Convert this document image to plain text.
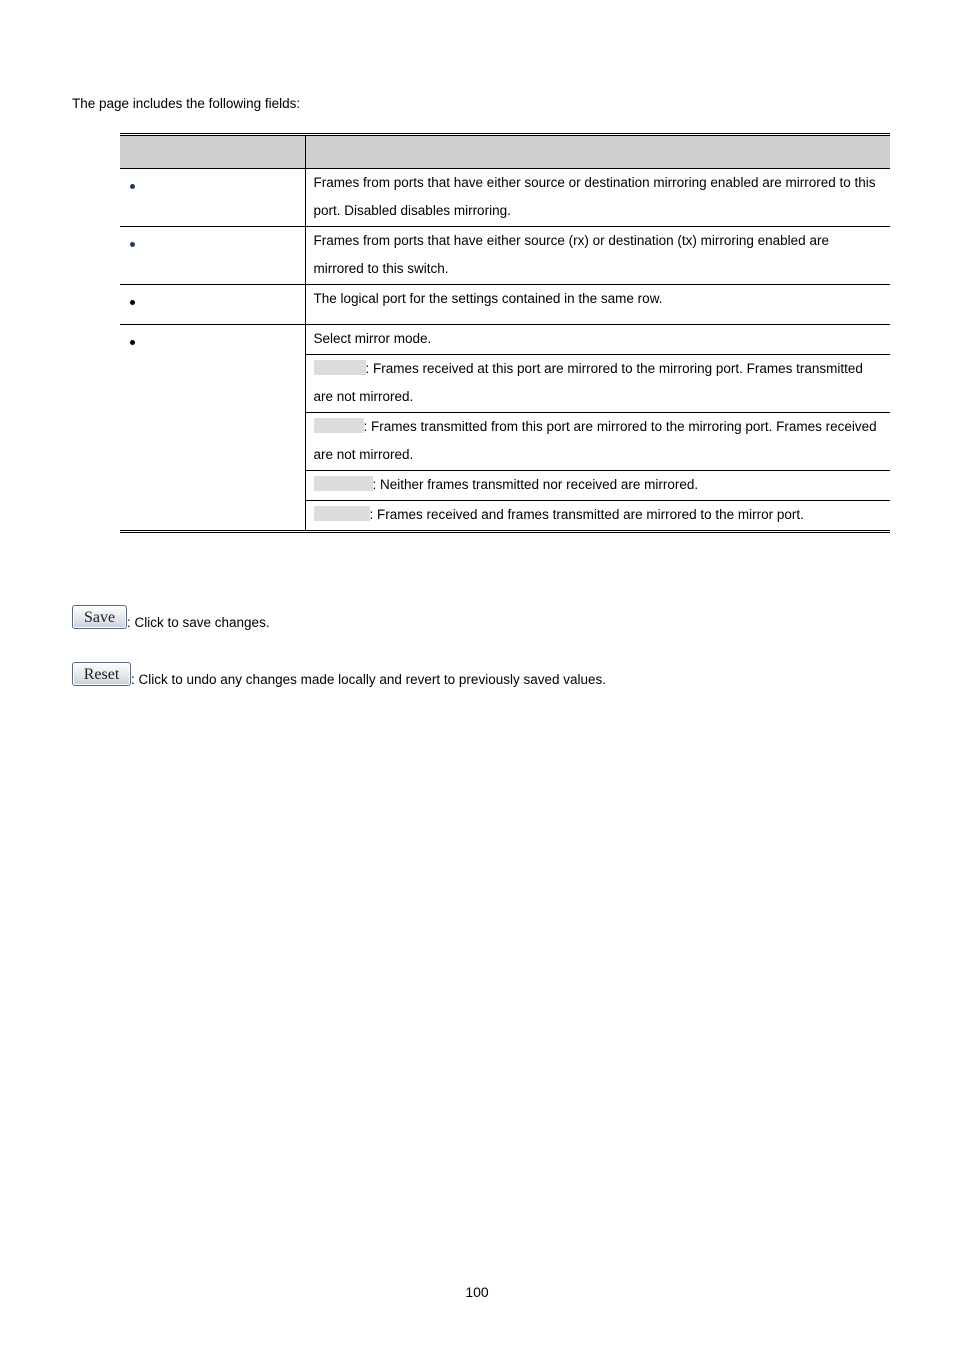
The page includes the following fields:

	Frames from ports that have either source or destination mirroring enabled are mirrored to this port. Disabled disables mirroring.
	Frames from ports that have either source (rx) or destination (tx) mirroring enabled are mirrored to this switch.
	The logical port for the settings contained in the same row.
	Select mirror mode.
	: Frames received at this port are mirrored to the mirroring port. Frames transmitted are not mirrored.
	: Frames transmitted from this port are mirrored to the mirroring port. Frames received are not mirrored.
	: Neither frames transmitted nor received are mirrored.
	: Frames received and frames transmitted are mirrored to the mirror port.
Save : Click to save changes.
Reset : Click to undo any changes made locally and revert to previously saved values.
100
